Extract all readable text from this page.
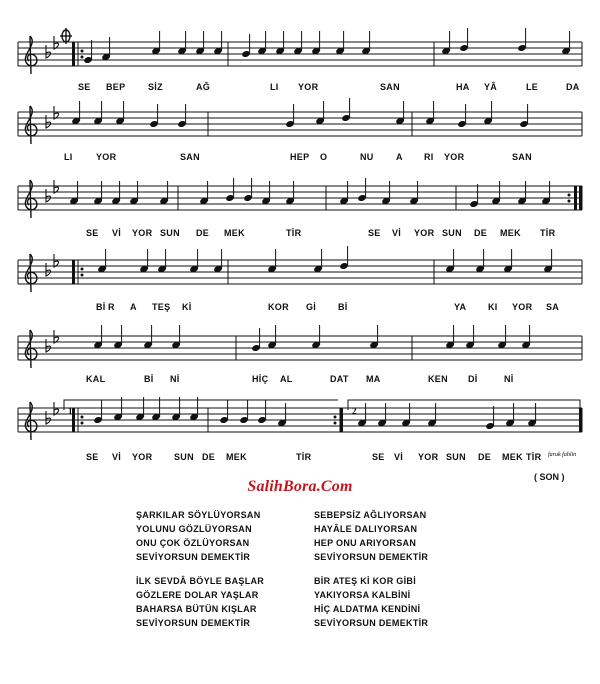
SE BEP	SİZ	AĞ	LI YOR	SAN	HA YÂ	LE	DA
LI	YOR	SAN	HEP O	NU A RI YOR	SAN
SE Vİ YOR SUN DE MEK	TİR	SE Vİ YOR SUN DE MEK TİR
Bİ R A TEŞ Kİ	KOR Gİ Bİ	YA KI YOR SA
KAL	Bİ Nİ	HİÇ AL	DAT MA	KEN Dİ	Nİ
SE Vİ YOR SUN DE MEK	TİR	SE Vİ YOR SUN DE MEK TİR
1	2
faruk fahlin
( SON )
SalihBora.Com
ŞARKILAR SÖYLÜYORSAN
YOLUNU GÖZLÜYORSAN
ONU ÇOK ÖZLÜYORSAN
SEVİYORSUN DEMEKTİR
SEBEPSİZ AĞLIYORSAN
HAYÂLE DALIYORSAN
HEP ONU ARIYORSAN
SEVİYORSUN DEMEKTİR
İLK SEVDÂ BÖYLE BAŞLAR
GÖZLERE DOLAR YAŞLAR
BAHARSA BÜTÜN KIŞLAR
SEVİYORSUN DEMEKTİR
BİR ATEŞ Kİ KOR GİBİ
YAKIYORSA KALBİNİ
HİÇ ALDATMA KENDİNİ
SEVİYORSUN DEMEKTİR
